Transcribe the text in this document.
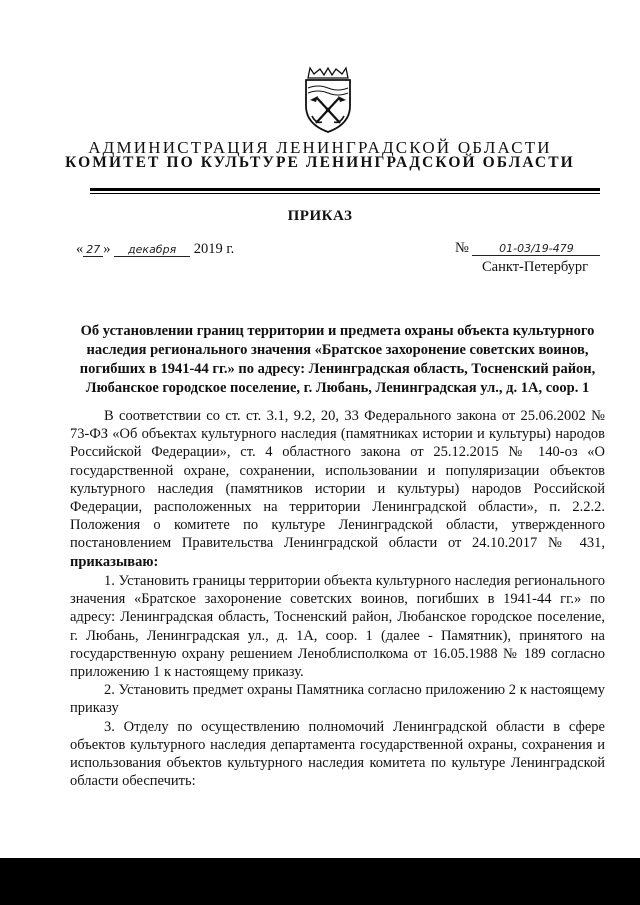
АДМИНИСТРАЦИЯ ЛЕНИНГРАДСКОЙ ОБЛАСТИ
КОМИТЕТ ПО КУЛЬТУРЕ ЛЕНИНГРАДСКОЙ ОБЛАСТИ
ПРИКАЗ
« 27 » декабря 2019 г.	№	01-03/19-479
Санкт-Петербург
Об установлении границ территории и предмета охраны объекта культурного наследия регионального значения «Братское захоронение советских воинов, погибших в 1941-44 гг.» по адресу: Ленинградская область, Тосненский район, Любанское городское поселение, г. Любань, Ленинградская ул., д. 1А, соор. 1

В соответствии со ст. ст. 3.1, 9.2, 20, 33 Федерального закона от 25.06.2002 № 73-ФЗ «Об объектах культурного наследия (памятниках истории и культуры) народов Российской Федерации», ст. 4 областного закона от 25.12.2015 № 140-оз «О государственной охране, сохранении, использовании и популяризации объектов культурного наследия (памятников истории и культуры) народов Российской Федерации, расположенных на территории Ленинградской области», п. 2.2.2. Положения о комитете по культуре Ленинградской области, утвержденного постановлением Правительства Ленинградской области от 24.10.2017 № 431, приказываю:

1. Установить границы территории объекта культурного наследия регионального значения «Братское захоронение советских воинов, погибших в 1941-44 гг.» по адресу: Ленинградская область, Тосненский район, Любанское городское поселение, г. Любань, Ленинградская ул., д. 1А, соор. 1 (далее - Памятник), принятого на государственную охрану решением Леноблисполкома от 16.05.1988 № 189 согласно приложению 1 к настоящему приказу.

2. Установить предмет охраны Памятника согласно приложению 2 к настоящему приказу

3. Отделу по осуществлению полномочий Ленинградской области в сфере объектов культурного наследия департамента государственной охраны, сохранения и использования объектов культурного наследия комитета по культуре Ленинградской области обеспечить:
